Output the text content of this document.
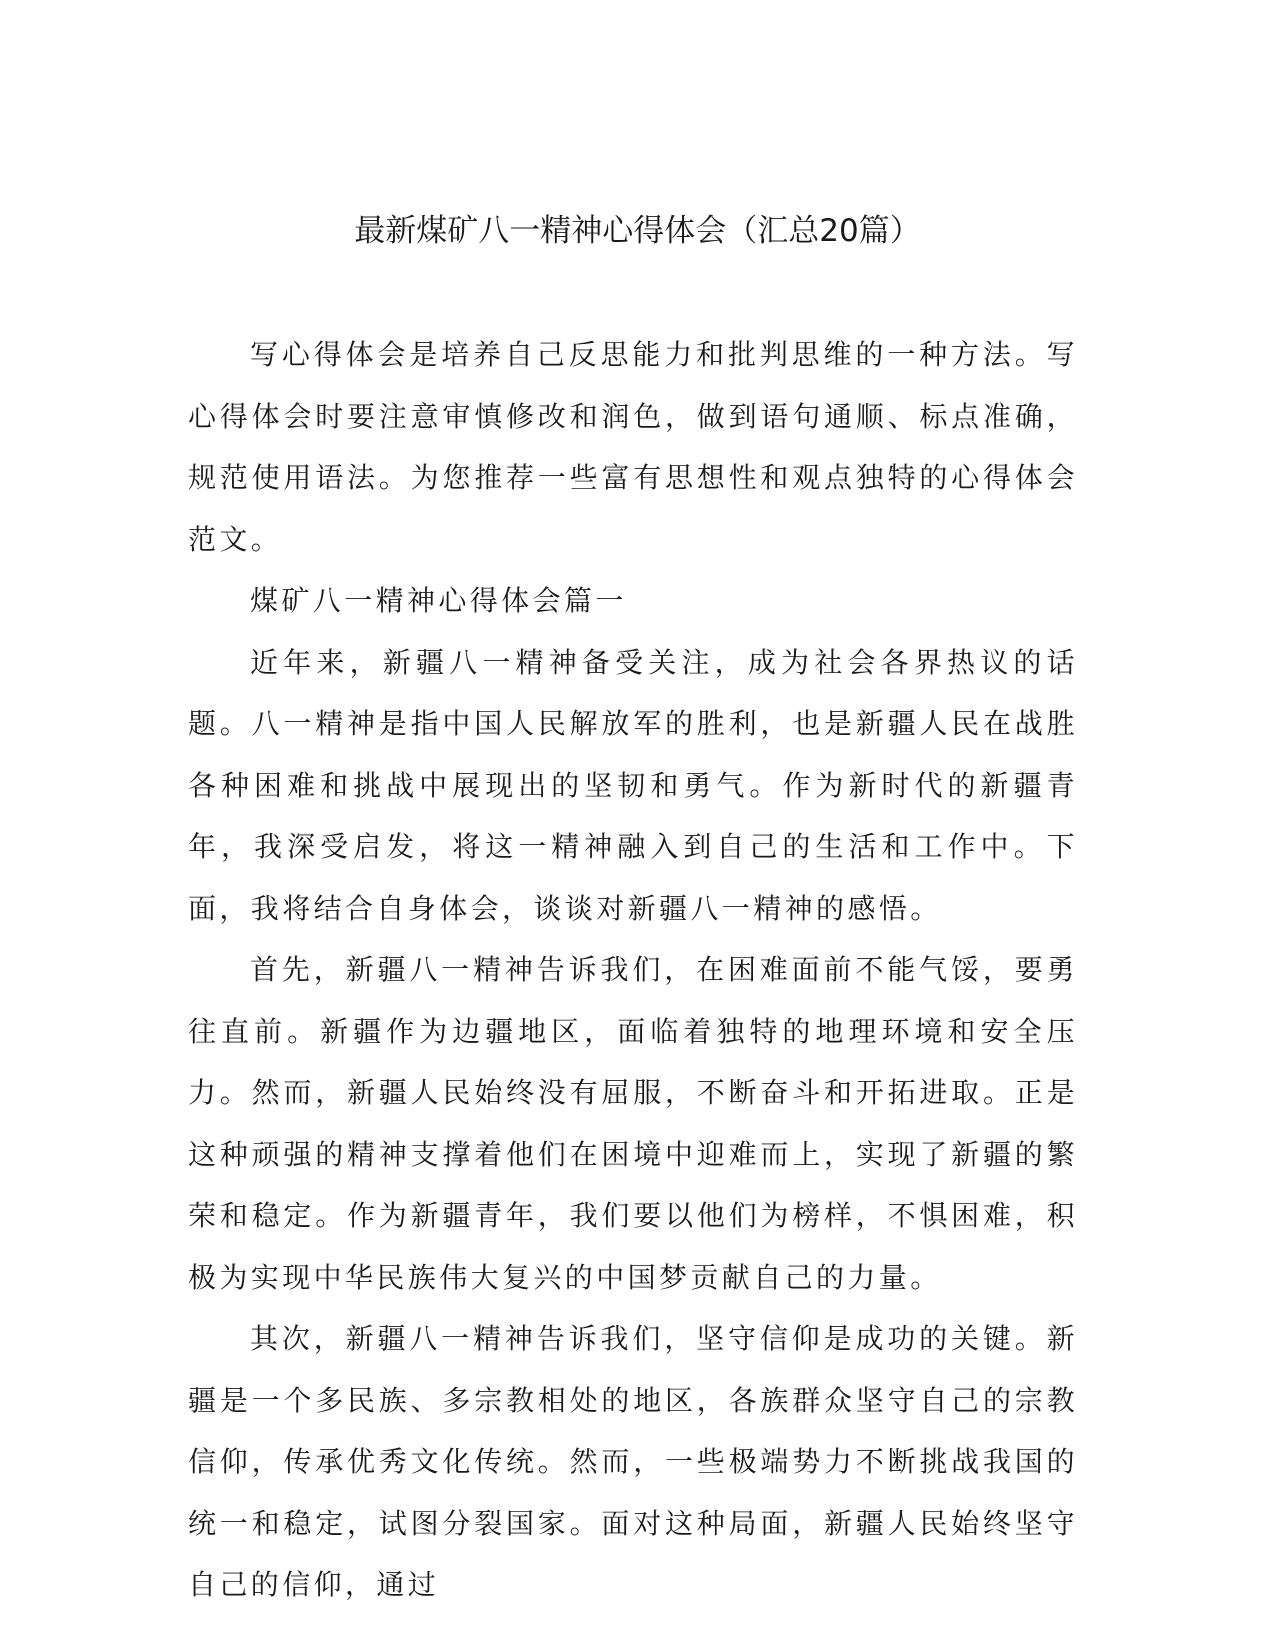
最新煤矿八一精神心得体会（汇总20篇）

写心得体会是培养自己反思能力和批判思维的一种方法。写心得体会时要注意审慎修改和润色，做到语句通顺、标点准确，规范使用语法。为您推荐一些富有思想性和观点独特的心得体会范文。

煤矿八一精神心得体会篇一

近年来，新疆八一精神备受关注，成为社会各界热议的话题。八一精神是指中国人民解放军的胜利，也是新疆人民在战胜各种困难和挑战中展现出的坚韧和勇气。作为新时代的新疆青年，我深受启发，将这一精神融入到自己的生活和工作中。下面，我将结合自身体会，谈谈对新疆八一精神的感悟。

首先，新疆八一精神告诉我们，在困难面前不能气馁，要勇往直前。新疆作为边疆地区，面临着独特的地理环境和安全压力。然而，新疆人民始终没有屈服，不断奋斗和开拓进取。正是这种顽强的精神支撑着他们在困境中迎难而上，实现了新疆的繁荣和稳定。作为新疆青年，我们要以他们为榜样，不惧困难，积极为实现中华民族伟大复兴的中国梦贡献自己的力量。

其次，新疆八一精神告诉我们，坚守信仰是成功的关键。新疆是一个多民族、多宗教相处的地区，各族群众坚守自己的宗教信仰，传承优秀文化传统。然而，一些极端势力不断挑战我国的统一和稳定，试图分裂国家。面对这种局面，新疆人民始终坚守自己的信仰，通过
